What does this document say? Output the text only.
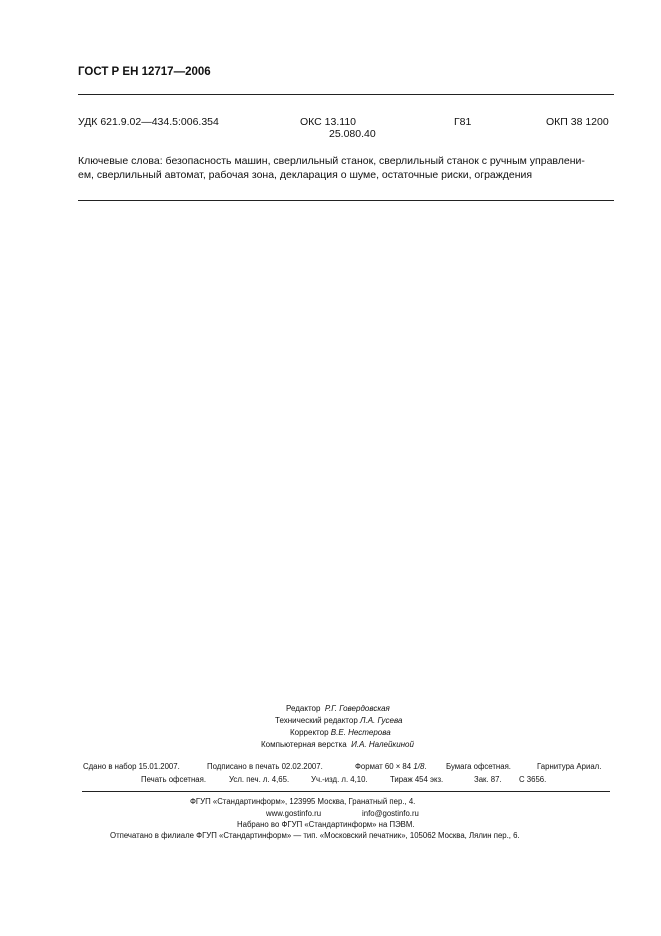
ГОСТ Р ЕН 12717—2006
УДК 621.9.02—434.5:006.354	ОКС 13.110
25.080.40
Г81	ОКП 38 1200
Ключевые слова: безопасность машин, сверлильный станок, сверлильный станок с ручным управлени-
ем, сверлильный автомат, рабочая зона, декларация о шуме, остаточные риски, ограждения
Редактор Р.Г. Говердовская
Технический редактор Л.А. Гусева
Корректор В.Е. Нестерова
Компьютерная верстка И.А. Налейкиной
Сдано в набор 15.01.2007.	Подписано в печать 02.02.2007.	Формат 60 × 84 1/8. Бумага офсетная.	Гарнитура Ариал.
Печать офсетная.	Усл. печ. л. 4,65.	Уч.-изд. л. 4,10.	Тираж 454 экз.	Зак. 87. С 3656.
ФГУП «Стандартинформ», 123995 Москва, Гранатный пер., 4.
www.gostinfo.ru	info@gostinfo.ru
Набрано во ФГУП «Стандартинформ» на ПЭВМ.
Отпечатано в филиале ФГУП «Стандартинформ» — тип. «Московский печатник», 105062 Москва, Лялин пер., 6.
